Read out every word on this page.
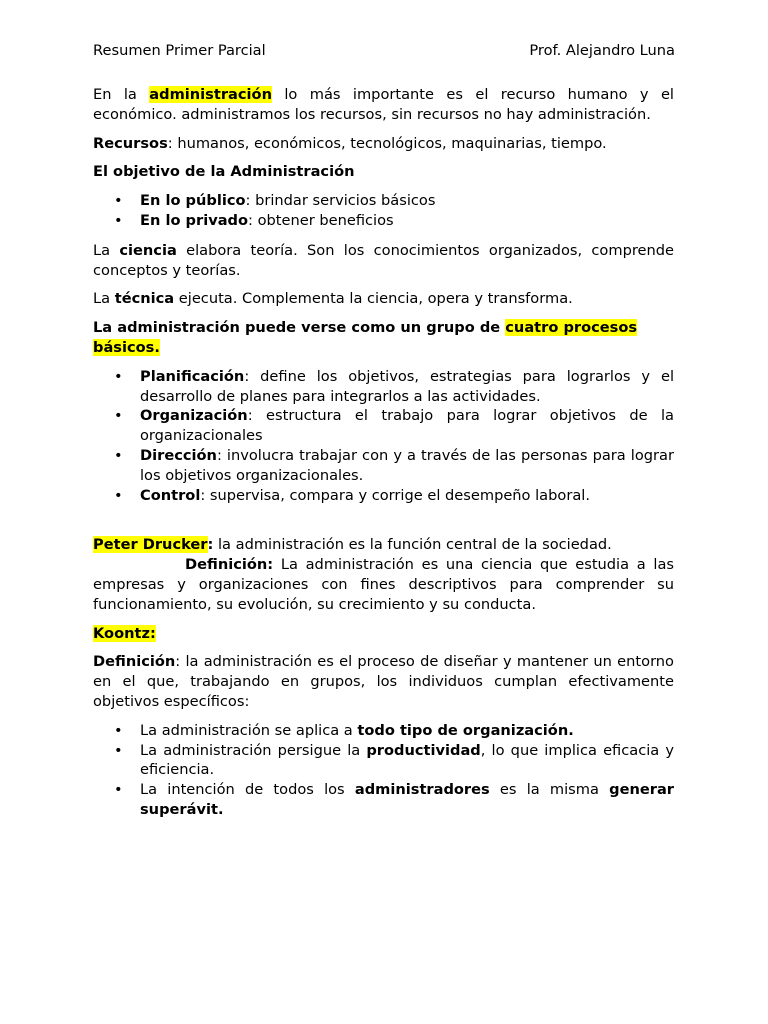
Resumen Primer Parcial	Prof. Alejandro Luna

En la administración lo más importante es el recurso humano y el económico. administramos los recursos, sin recursos no hay administración.

Recursos: humanos, económicos, tecnológicos, maquinarias, tiempo.

El objetivo de la Administración

• En lo público: brindar servicios básicos
• En lo privado: obtener beneficios

La ciencia elabora teoría. Son los conocimientos organizados, comprende conceptos y teorías.

La técnica ejecuta. Complementa la ciencia, opera y transforma.

La administración puede verse como un grupo de cuatro procesos básicos.

• Planificación: define los objetivos, estrategias para lograrlos y el desarrollo de planes para integrarlos a las actividades.
• Organización: estructura el trabajo para lograr objetivos de la organizacionales
• Dirección: involucra trabajar con y a través de las personas para lograr los objetivos organizacionales.
• Control: supervisa, compara y corrige el desempeño laboral.

Peter Drucker: la administración es la función central de la sociedad.

Definición: La administración es una ciencia que estudia a las empresas y organizaciones con fines descriptivos para comprender su funcionamiento, su evolución, su crecimiento y su conducta.

Koontz:

Definición: la administración es el proceso de diseñar y mantener un entorno en el que, trabajando en grupos, los individuos cumplan efectivamente objetivos específicos:

• La administración se aplica a todo tipo de organización.
• La administración persigue la productividad, lo que implica eficacia y eficiencia.
• La intención de todos los administradores es la misma generar superávit.
